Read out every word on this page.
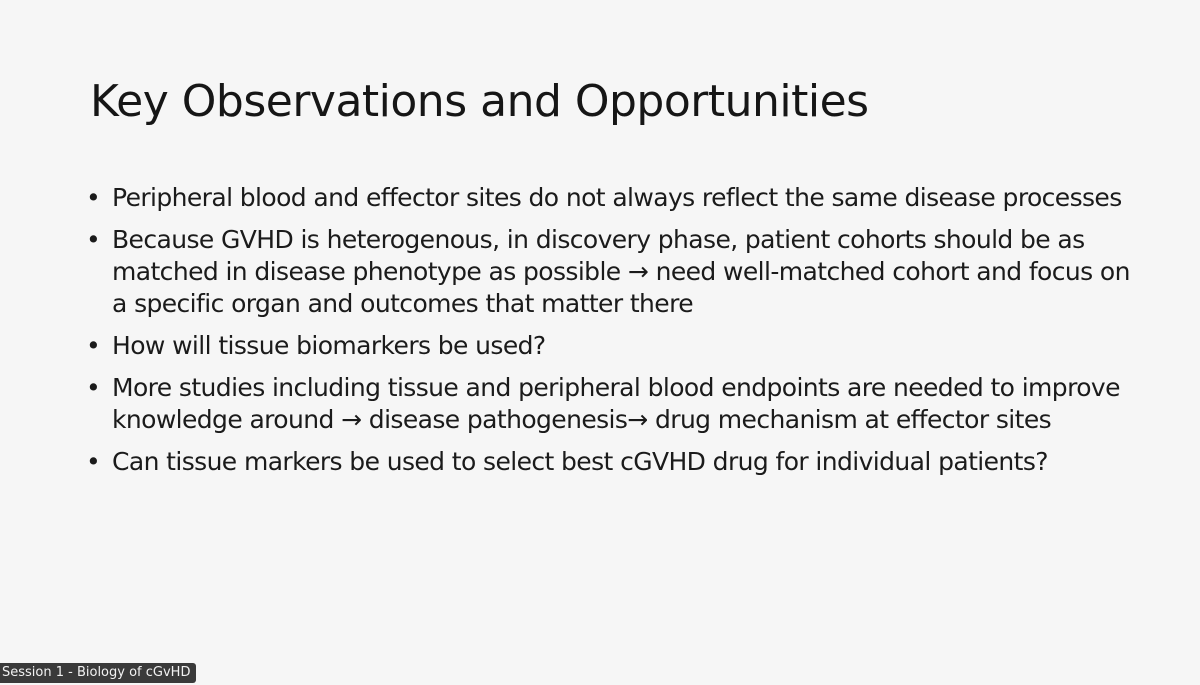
Key Observations and Opportunities
• Peripheral blood and effector sites do not always reflect the same disease processes
• Because GVHD is heterogenous, in discovery phase, patient cohorts should be as matched in disease phenotype as possible → need well-matched cohort and focus on a specific organ and outcomes that matter there
• How will tissue biomarkers be used?
• More studies including tissue and peripheral blood endpoints are needed to improve knowledge around → disease pathogenesis→ drug mechanism at effector sites
• Can tissue markers be used to select best cGVHD drug for individual patients?
Session 1 - Biology of cGvHD
